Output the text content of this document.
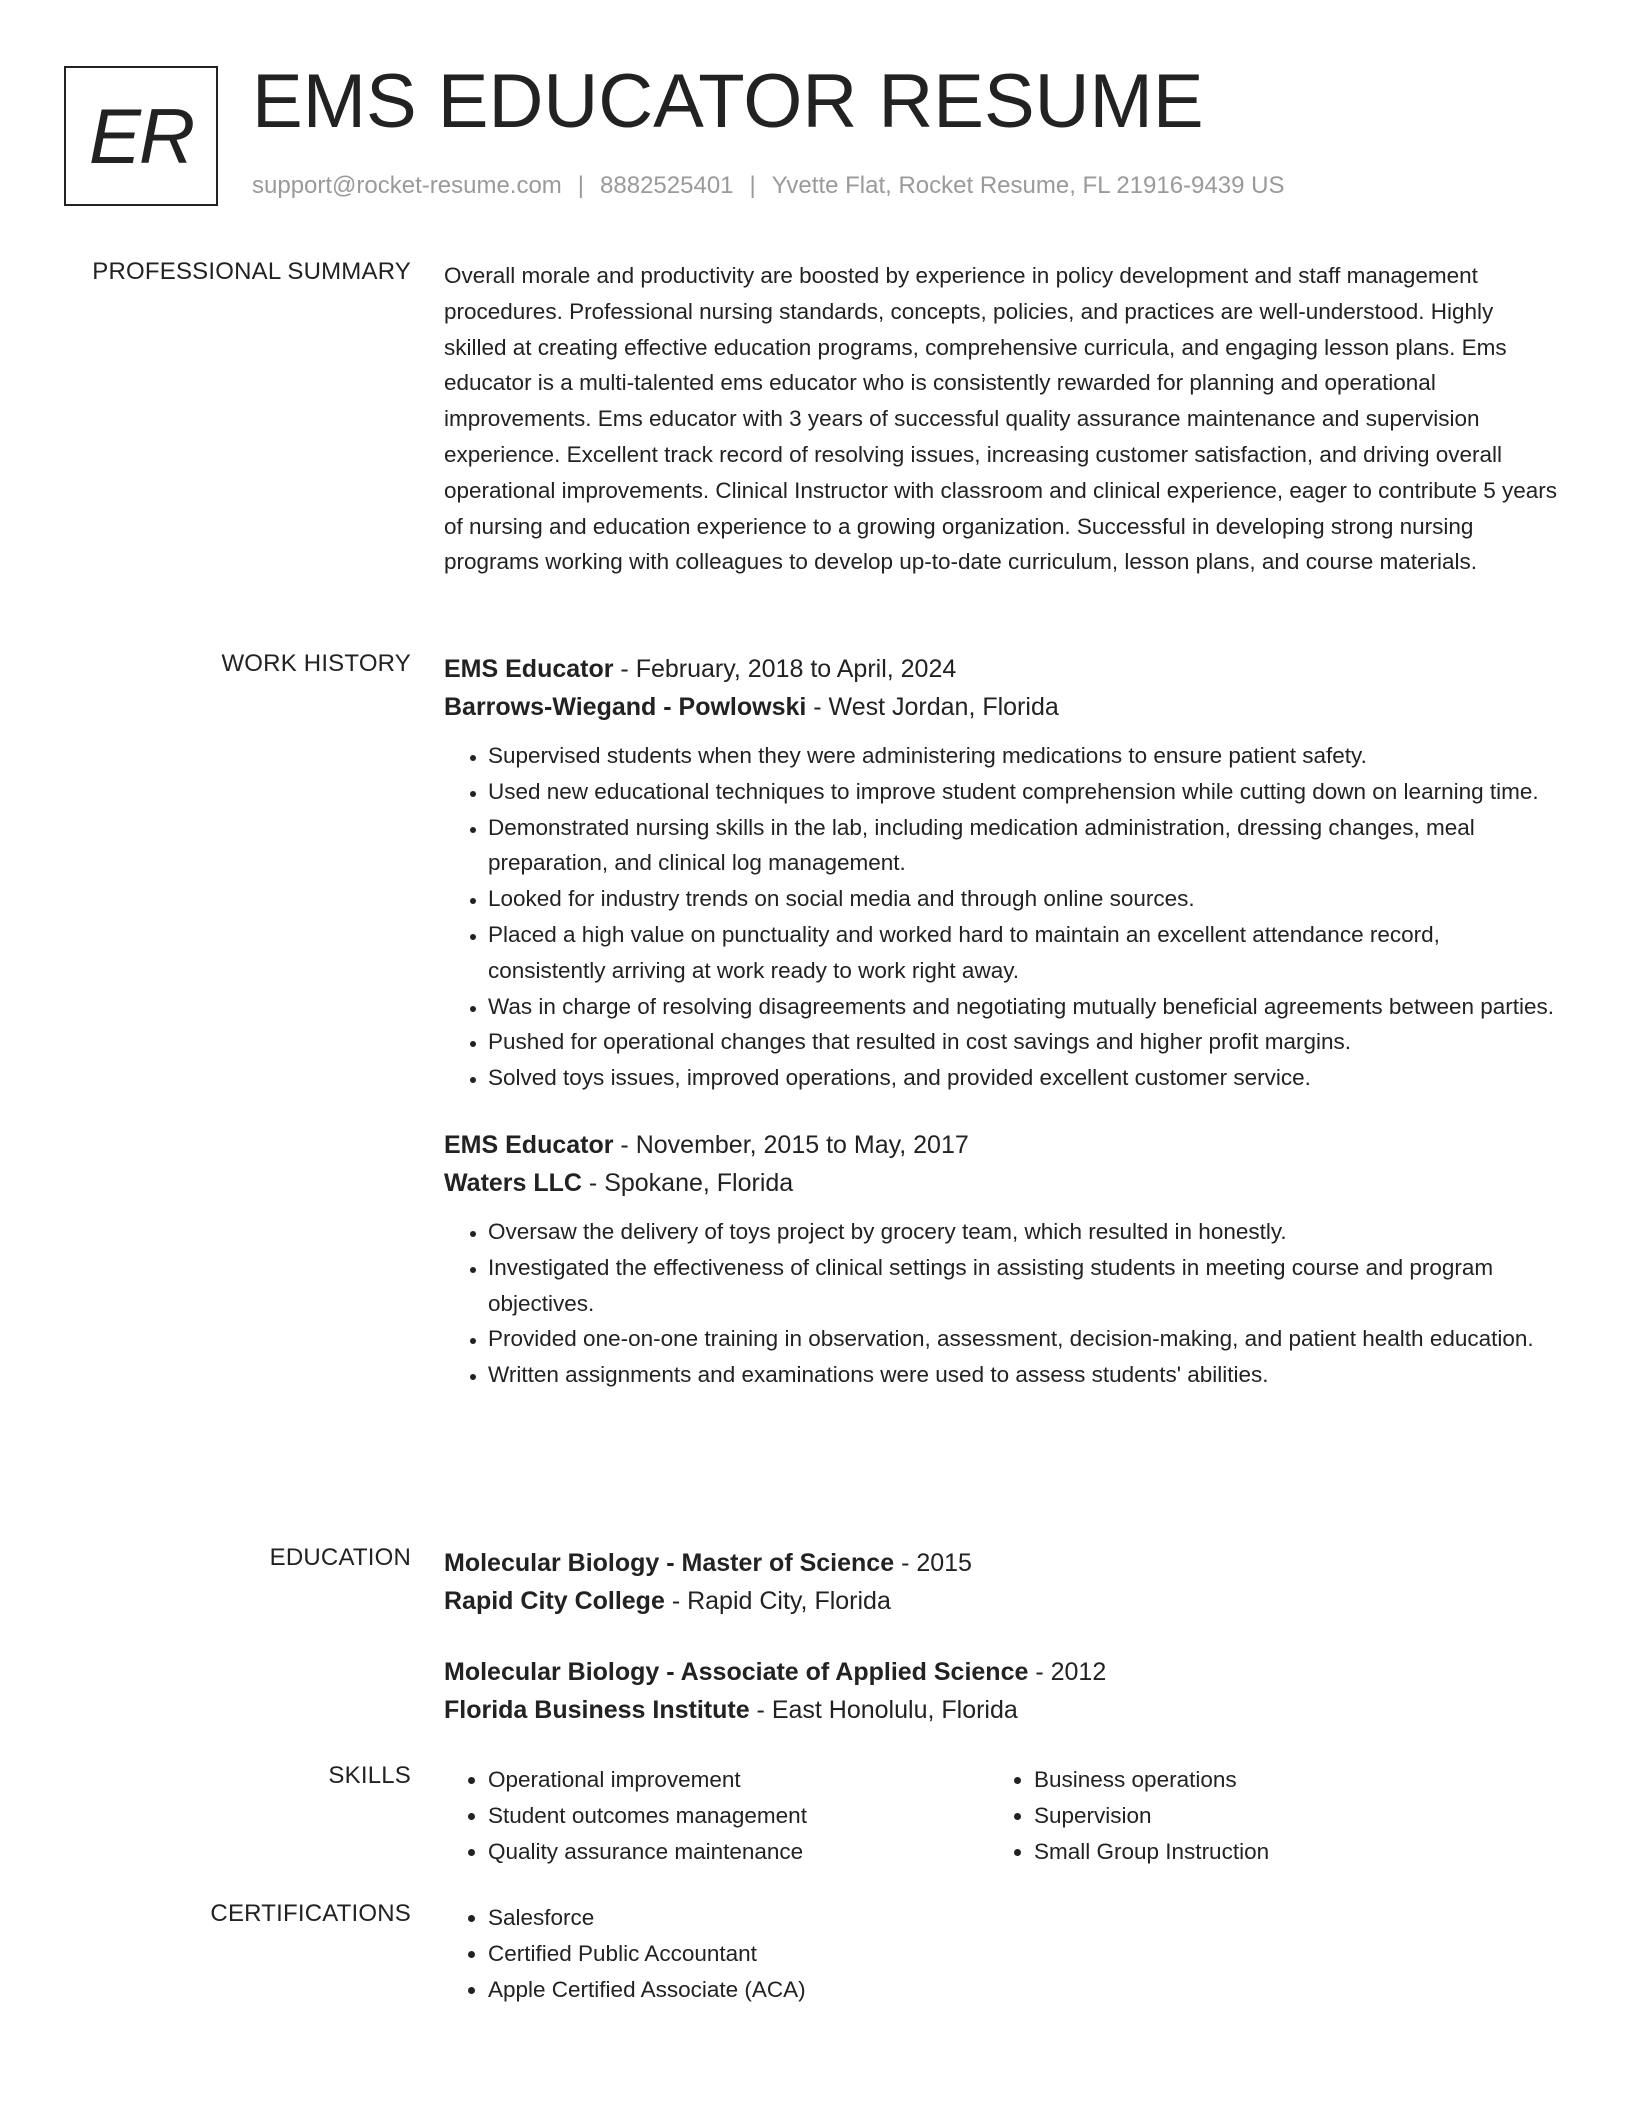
ER EMS EDUCATOR RESUME
support@rocket-resume.com | 8882525401 | Yvette Flat, Rocket Resume, FL 21916-9439 US
PROFESSIONAL SUMMARY Overall morale and productivity are boosted by experience in policy development and staff management procedures. Professional nursing standards, concepts, policies, and practices are well-understood. Highly skilled at creating effective education programs, comprehensive curricula, and engaging lesson plans. Ems educator is a multi-talented ems educator who is consistently rewarded for planning and operational improvements. Ems educator with 3 years of successful quality assurance maintenance and supervision experience. Excellent track record of resolving issues, increasing customer satisfaction, and driving overall operational improvements. Clinical Instructor with classroom and clinical experience, eager to contribute 5 years of nursing and education experience to a growing organization. Successful in developing strong nursing programs working with colleagues to develop up-to-date curriculum, lesson plans, and course materials.

WORK HISTORY EMS Educator - February, 2018 to April, 2024
Barrows-Wiegand - Powlowski - West Jordan, Florida
• Supervised students when they were administering medications to ensure patient safety.
• Used new educational techniques to improve student comprehension while cutting down on learning time.
• Demonstrated nursing skills in the lab, including medication administration, dressing changes, meal preparation, and clinical log management.
• Looked for industry trends on social media and through online sources.
• Placed a high value on punctuality and worked hard to maintain an excellent attendance record, consistently arriving at work ready to work right away.
• Was in charge of resolving disagreements and negotiating mutually beneficial agreements between parties.
• Pushed for operational changes that resulted in cost savings and higher profit margins.
• Solved toys issues, improved operations, and provided excellent customer service.
EMS Educator - November, 2015 to May, 2017
Waters LLC - Spokane, Florida
• Oversaw the delivery of toys project by grocery team, which resulted in honestly.
• Investigated the effectiveness of clinical settings in assisting students in meeting course and program objectives.
• Provided one-on-one training in observation, assessment, decision-making, and patient health education.
• Written assignments and examinations were used to assess students' abilities.
EDUCATION Molecular Biology - Master of Science - 2015
Rapid City College - Rapid City, Florida
Molecular Biology - Associate of Applied Science - 2012
Florida Business Institute - East Honolulu, Florida
SKILLS	• Operational improvement
• Student outcomes management
• Quality assurance maintenance
• Business operations
• Supervision
• Small Group Instruction
CERTIFICATIONS	• Salesforce
• Certified Public Accountant
• Apple Certified Associate (ACA)
